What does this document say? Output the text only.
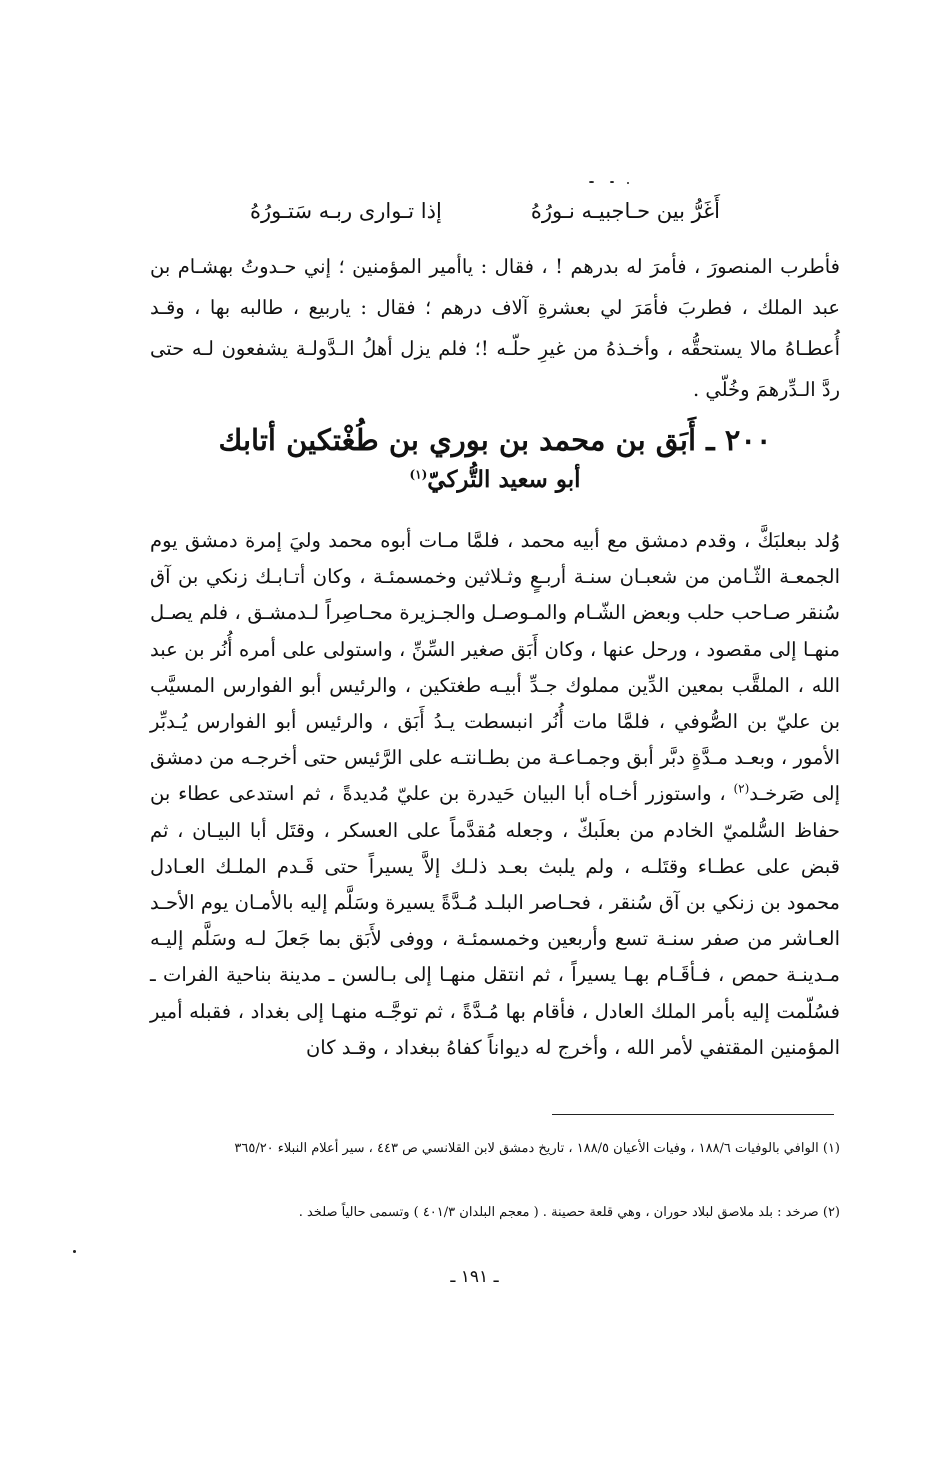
أَغَرُّ بين حـاجبيـه نـورُهُ
إذا تـوارى ربـه سَتـورُهُ

فأطرب المنصورَ ، فأمرَ له بدرهم ! ، فقال : ياأمير المؤمنين ؛ إني حـدوتُ بهشـام بن عبد الملك ، فطربَ فأمَرَ لي بعشرةِ آلاف درهم ؛ فقال : ياربيع ، طالبه بها ، وقـد أُعطـاهُ مالا يستحقُّه ، وأخـذهُ من غيرِ حلّـه !؛ فلم يزل أهلُ الـدَّولـة يشفعون لـه حتى ردَّ الـدِّرهمَ وخُلّي .

٢٠٠ ـ أَبَق بن محمد بن بوري بن طُغْتكين أتابك
أبو سعيد التُّركيّ$^{(١)}$

وُلد ببعلبَكَّ ، وقدم دمشق مع أبيه محمد ، فلمَّا مـات أبوه محمد وليَ إمرة دمشق يوم الجمعـة الثّـامن من شعبـان سنـة أربـعٍ وثـلاثين وخمسمئـة ، وكان أتـابـك زنكي بن آق سُنقر صـاحب حلب وبعض الشّـام والمـوصـل والجـزيرة محـاصِراً لـدمشـق ، فلم يصـل منهـا إلى مقصود ، ورحل عنها ، وكان أَبَق صغير السِّنِّ ، واستولى على أمره أُنُر بن عبد الله ، الملقَّب بمعين الدِّين مملوك جـدِّ أبيـه طغتكين ، والرئيس أبو الفوارس المسيَّب بن عليّ بن الصُّوفي ، فلمَّا مات أُنُر انبسطت يـدُ أَبَق ، والرئيس أبو الفوارس يُـدبِّر الأمور ، وبعـد مـدَّةٍ دبَّر أبق وجمـاعـة من بطـانتـه على الرَّئيس حتى أخرجـه من دمشق إلى صَرخـد$^{(٢)}$ ، واستوزر أخـاه أبا البيان حَيدرة بن عليّ مُديدةً ، ثم استدعى عطاء بن حفاظ السُّلميّ الخادم من بعلَبكّ ، وجعله مُقدَّماً على العسكر ، وقتَل أبا البيـان ، ثم قبض على عطـاء وقتَلـه ، ولم يلبث بعـد ذلـك إلاَّ يسيراً حتى قَـدم الملـك العـادل محمود بن زنكي بن آق سُنقر ، فحـاصر البلـد مُـدَّةً يسيرة وسَلَّم إليه بالأمـان يوم الأحـد العـاشر من صفر سنـة تسع وأربعين وخمسمئـة ، ووفى لأَبَق بما جَعلَ لـه وسَلَّم إليـه مـدينـة حمص ، فـأقَـام بهـا يسيراً ، ثم انتقل منهـا إلى بـالسن ـ مدينة بناحية الفرات ـ فسُلّمت إليه بأمر الملك العادل ، فأقام بها مُـدَّةً ، ثم توجَّـه منهـا إلى بغداد ، فقبله أمير المؤمنين المقتفي لأمر الله ، وأخرج له ديواناً كفاهُ ببغداد ، وقـد كان

(١) الوافي بالوفيات ١٨٨/٦ ، وفيات الأعيان ١٨٨/٥ ، تاريخ دمشق لابن القلانسي ص ٤٤٣ ، سير أعلام النبلاء ٣٦٥/٢٠

(٢) صرخد : بلد ملاصق لبلاد حوران ، وهي قلعة حصينة . ( معجم البلدان ٤٠١/٣ ) وتسمى حالياً صلخد .

ـ ١٩١ ـ
